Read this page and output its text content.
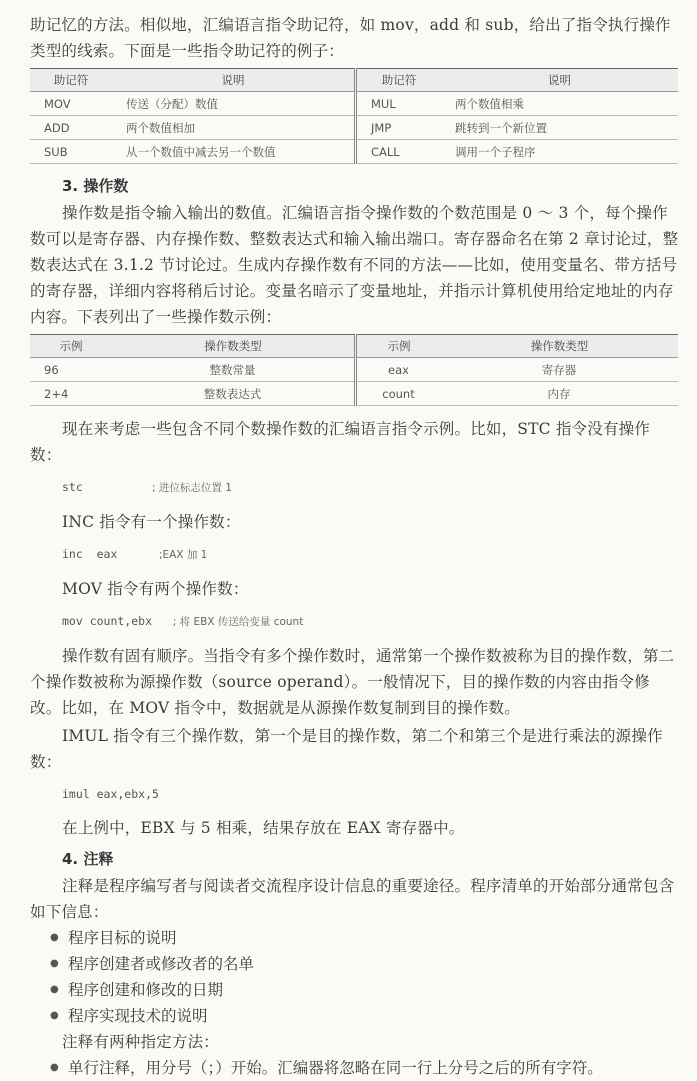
助记忆的方法。相似地，汇编语言指令助记符，如 mov，add 和 sub，给出了指令执行操作类型的线索。下面是一些指令助记符的例子：

助记符	说明	助记符	说明
MOV	传送（分配）数值	MUL	两个数值相乘
ADD	两个数值相加	JMP	跳转到一个新位置
SUB	从一个数值中减去另一个数值	CALL	调用一个子程序
3. 操作数

操作数是指令输入输出的数值。汇编语言指令操作数的个数范围是 0 ～ 3 个，每个操作数可以是寄存器、内存操作数、整数表达式和输入输出端口。寄存器命名在第 2 章讨论过，整数表达式在 3.1.2 节讨论过。生成内存操作数有不同的方法——比如，使用变量名、带方括号的寄存器，详细内容将稍后讨论。变量名暗示了变量地址，并指示计算机使用给定地址的内存内容。下表列出了一些操作数示例：

示例	操作数类型	示例	操作数类型
96	整数常量	eax	寄存器
2+4	整数表达式	count	内存

现在来考虑一些包含不同个数操作数的汇编语言指令示例。比如，STC 指令没有操作数：

stc          ; 进位标志位置 1

INC 指令有一个操作数：

inc  eax      ;EAX 加 1

MOV 指令有两个操作数：

mov count,ebx   ; 将 EBX 传送给变量 count

操作数有固有顺序。当指令有多个操作数时，通常第一个操作数被称为目的操作数，第二个操作数被称为源操作数（source operand）。一般情况下，目的操作数的内容由指令修改。比如，在 MOV 指令中，数据就是从源操作数复制到目的操作数。

IMUL 指令有三个操作数，第一个是目的操作数，第二个和第三个是进行乘法的源操作数：

imul eax,ebx,5

在上例中，EBX 与 5 相乘，结果存放在 EAX 寄存器中。

4. 注释

注释是程序编写者与阅读者交流程序设计信息的重要途径。程序清单的开始部分通常包含如下信息：

● 程序目标的说明
● 程序创建者或修改者的名单
● 程序创建和修改的日期
● 程序实现技术的说明

注释有两种指定方法：

● 单行注释，用分号（；）开始。汇编器将忽略在同一行上分号之后的所有字符。
